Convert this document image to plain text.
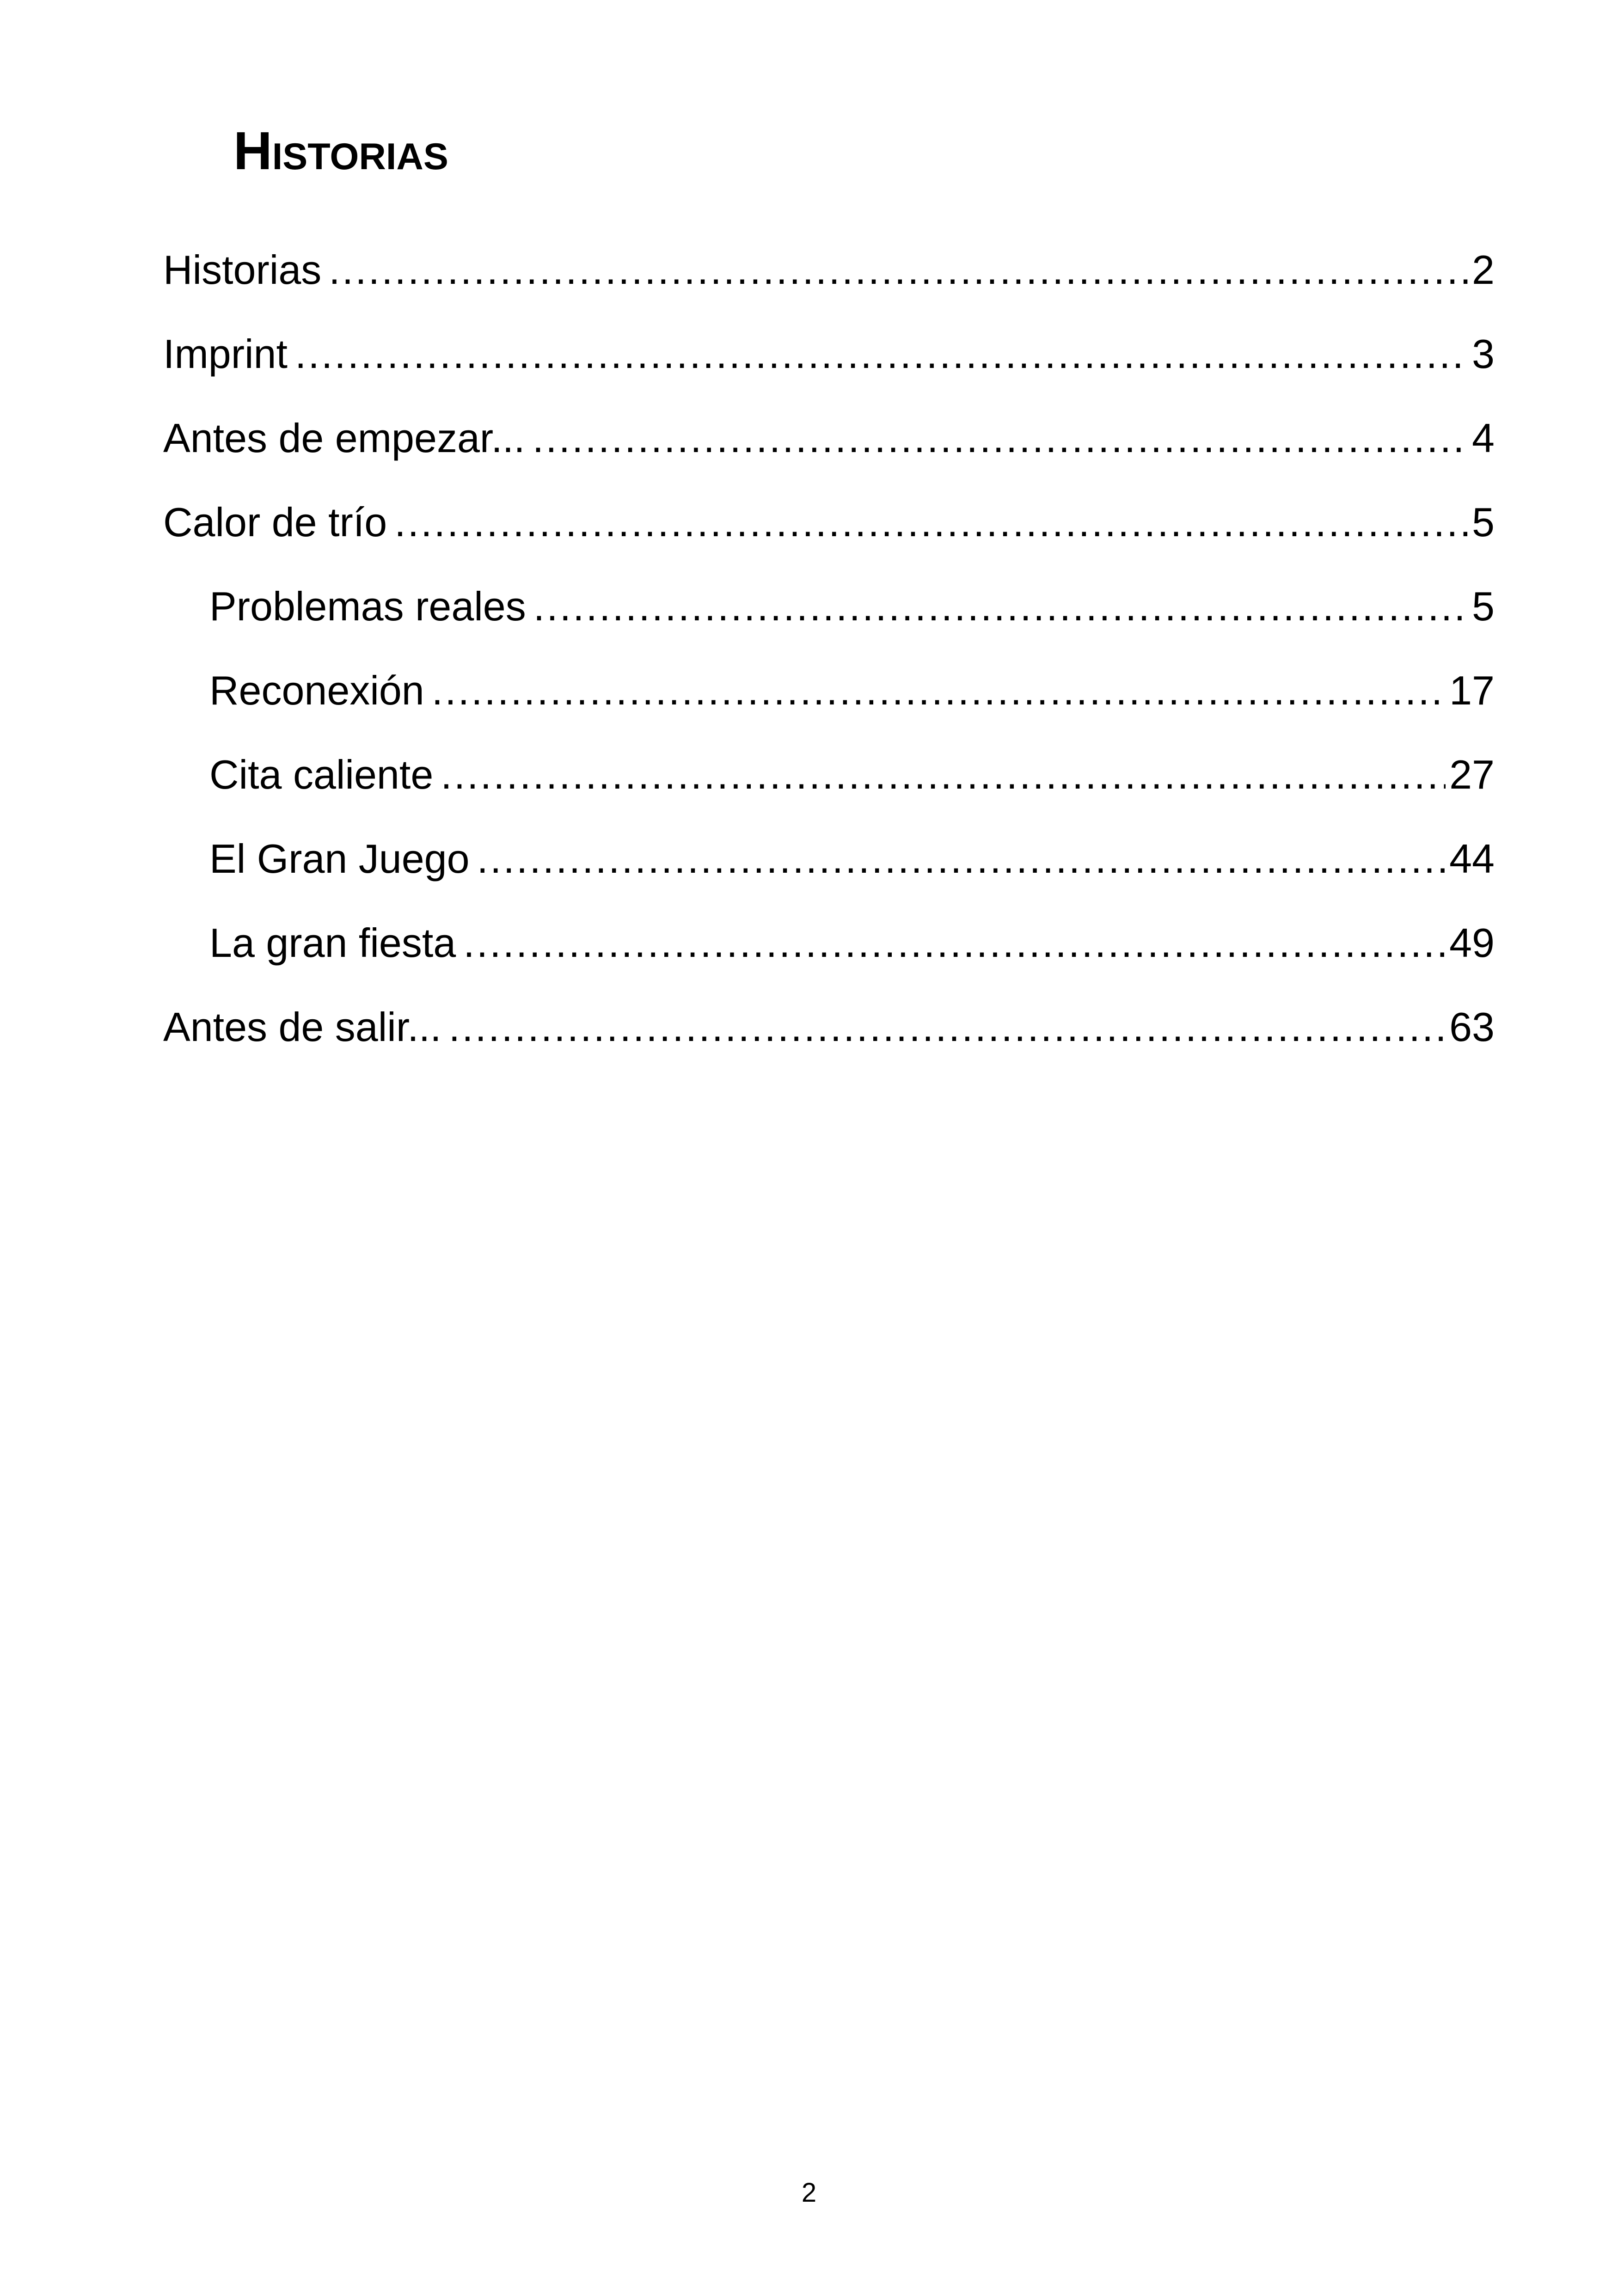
Historias
Historias .....	2
Imprint .....	3
Antes de empezar... .....	4
Calor de trío .....	5
Problemas reales .....	5
Reconexión .....	17
Cita caliente .....	27
El Gran Juego .....	44
La gran fiesta .....	49
Antes de salir... .....	63
2
